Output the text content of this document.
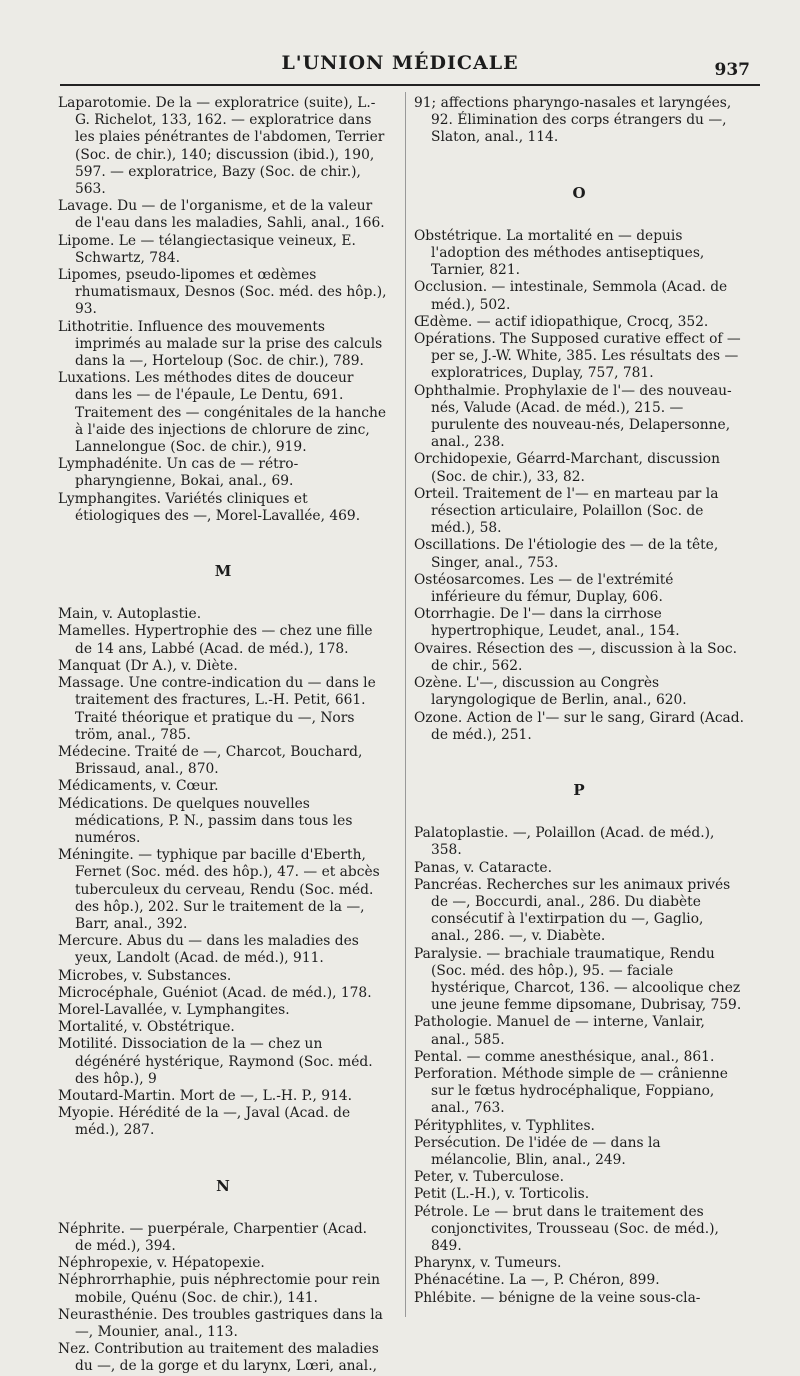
L'UNION MÉDICALE	937

Laparotomie. De la — exploratrice (suite), L.-G. Richelot, 133, 162. — exploratrice dans les plaies pénétrantes de l'abdomen, Terrier (Soc. de chir.), 140; discussion (ibid.), 190, 597. — exploratrice, Bazy (Soc. de chir.), 563.

Lavage. Du — de l'organisme, et de la valeur de l'eau dans les maladies, Sahli, anal., 166.

Lipome. Le — télangiectasique veineux, E. Schwartz, 784.

Lipomes, pseudo-lipomes et œdèmes rhumatismaux, Desnos (Soc. méd. des hôp.), 93.

Lithotritie. Influence des mouvements imprimés au malade sur la prise des calculs dans la —, Horteloup (Soc. de chir.), 789.

Luxations. Les méthodes dites de douceur dans les — de l'épaule, Le Dentu, 691. Traitement des — congénitales de la hanche à l'aide des injections de chlorure de zinc, Lannelongue (Soc. de chir.), 919.

Lymphadénite. Un cas de — rétro-pharyngienne, Bokai, anal., 69.

Lymphangites. Variétés cliniques et étiologiques des —, Morel-Lavallée, 469.

M

Main, v. Autoplastie.

Mamelles. Hypertrophie des — chez une fille de 14 ans, Labbé (Acad. de méd.), 178.

Manquat (Dr A.), v. Diète.

Massage. Une contre-indication du — dans le traitement des fractures, L.-H. Petit, 661. Traité théorique et pratique du —, Nors tröm, anal., 785.

Médecine. Traité de —, Charcot, Bouchard, Brissaud, anal., 870.

Médicaments, v. Cœur.

Médications. De quelques nouvelles médications, P. N., passim dans tous les numéros.

Méningite. — typhique par bacille d'Eberth, Fernet (Soc. méd. des hôp.), 47. — et abcès tuberculeux du cerveau, Rendu (Soc. méd. des hôp.), 202. Sur le traitement de la —, Barr, anal., 392.

Mercure. Abus du — dans les maladies des yeux, Landolt (Acad. de méd.), 911.

Microbes, v. Substances.

Microcéphale, Guéniot (Acad. de méd.), 178.

Morel-Lavallée, v. Lymphangites.

Mortalité, v. Obstétrique.

Motilité. Dissociation de la — chez un dégénéré hystérique, Raymond (Soc. méd. des hôp.), 9

Moutard-Martin. Mort de —, L.-H. P., 914.

Myopie. Hérédité de la —, Javal (Acad. de méd.), 287.

N

Néphrite. — puerpérale, Charpentier (Acad. de méd.), 394.

Néphropexie, v. Hépatopexie.

Néphrorrhaphie, puis néphrectomie pour rein mobile, Quénu (Soc. de chir.), 141.

Neurasthénie. Des troubles gastriques dans la —, Mounier, anal., 113.

Nez. Contribution au traitement des maladies du —, de la gorge et du larynx, Lœri, anal.,

91; affections pharyngo-nasales et laryngées, 92. Élimination des corps étrangers du —, Slaton, anal., 114.

O

Obstétrique. La mortalité en — depuis l'adoption des méthodes antiseptiques, Tarnier, 821.

Occlusion. — intestinale, Semmola (Acad. de méd.), 502.

Œdème. — actif idiopathique, Crocq, 352.

Opérations. The Supposed curative effect of — per se, J.-W. White, 385. Les résultats des — exploratrices, Duplay, 757, 781.

Ophthalmie. Prophylaxie de l'— des nouveau-nés, Valude (Acad. de méd.), 215. — purulente des nouveau-nés, Delapersonne, anal., 238.

Orchidopexie, Géarrd-Marchant, discussion (Soc. de chir.), 33, 82.

Orteil. Traitement de l'— en marteau par la résection articulaire, Polaillon (Soc. de méd.), 58.

Oscillations. De l'étiologie des — de la tête, Singer, anal., 753.

Ostéosarcomes. Les — de l'extrémité inférieure du fémur, Duplay, 606.

Otorrhagie. De l'— dans la cirrhose hypertrophique, Leudet, anal., 154.

Ovaires. Résection des —, discussion à la Soc. de chir., 562.

Ozène. L'—, discussion au Congrès laryngologique de Berlin, anal., 620.

Ozone. Action de l'— sur le sang, Girard (Acad. de méd.), 251.

P

Palatoplastie. —, Polaillon (Acad. de méd.), 358.

Panas, v. Cataracte.

Pancréas. Recherches sur les animaux privés de —, Boccurdi, anal., 286. Du diabète consécutif à l'extirpation du —, Gaglio, anal., 286. —, v. Diabète.

Paralysie. — brachiale traumatique, Rendu (Soc. méd. des hôp.), 95. — faciale hystérique, Charcot, 136. — alcoolique chez une jeune femme dipsomane, Dubrisay, 759.

Pathologie. Manuel de — interne, Vanlair, anal., 585.

Pental. — comme anesthésique, anal., 861.

Perforation. Méthode simple de — crânienne sur le fœtus hydrocéphalique, Foppiano, anal., 763.

Pérityphlites, v. Typhlites.

Persécution. De l'idée de — dans la mélancolie, Blin, anal., 249.

Peter, v. Tuberculose.

Petit (L.-H.), v. Torticolis.

Pétrole. Le — brut dans le traitement des conjonctivites, Trousseau (Soc. de méd.), 849.

Pharynx, v. Tumeurs.

Phénacétine. La —, P. Chéron, 899.

Phlébite. — bénigne de la veine sous-cla-
